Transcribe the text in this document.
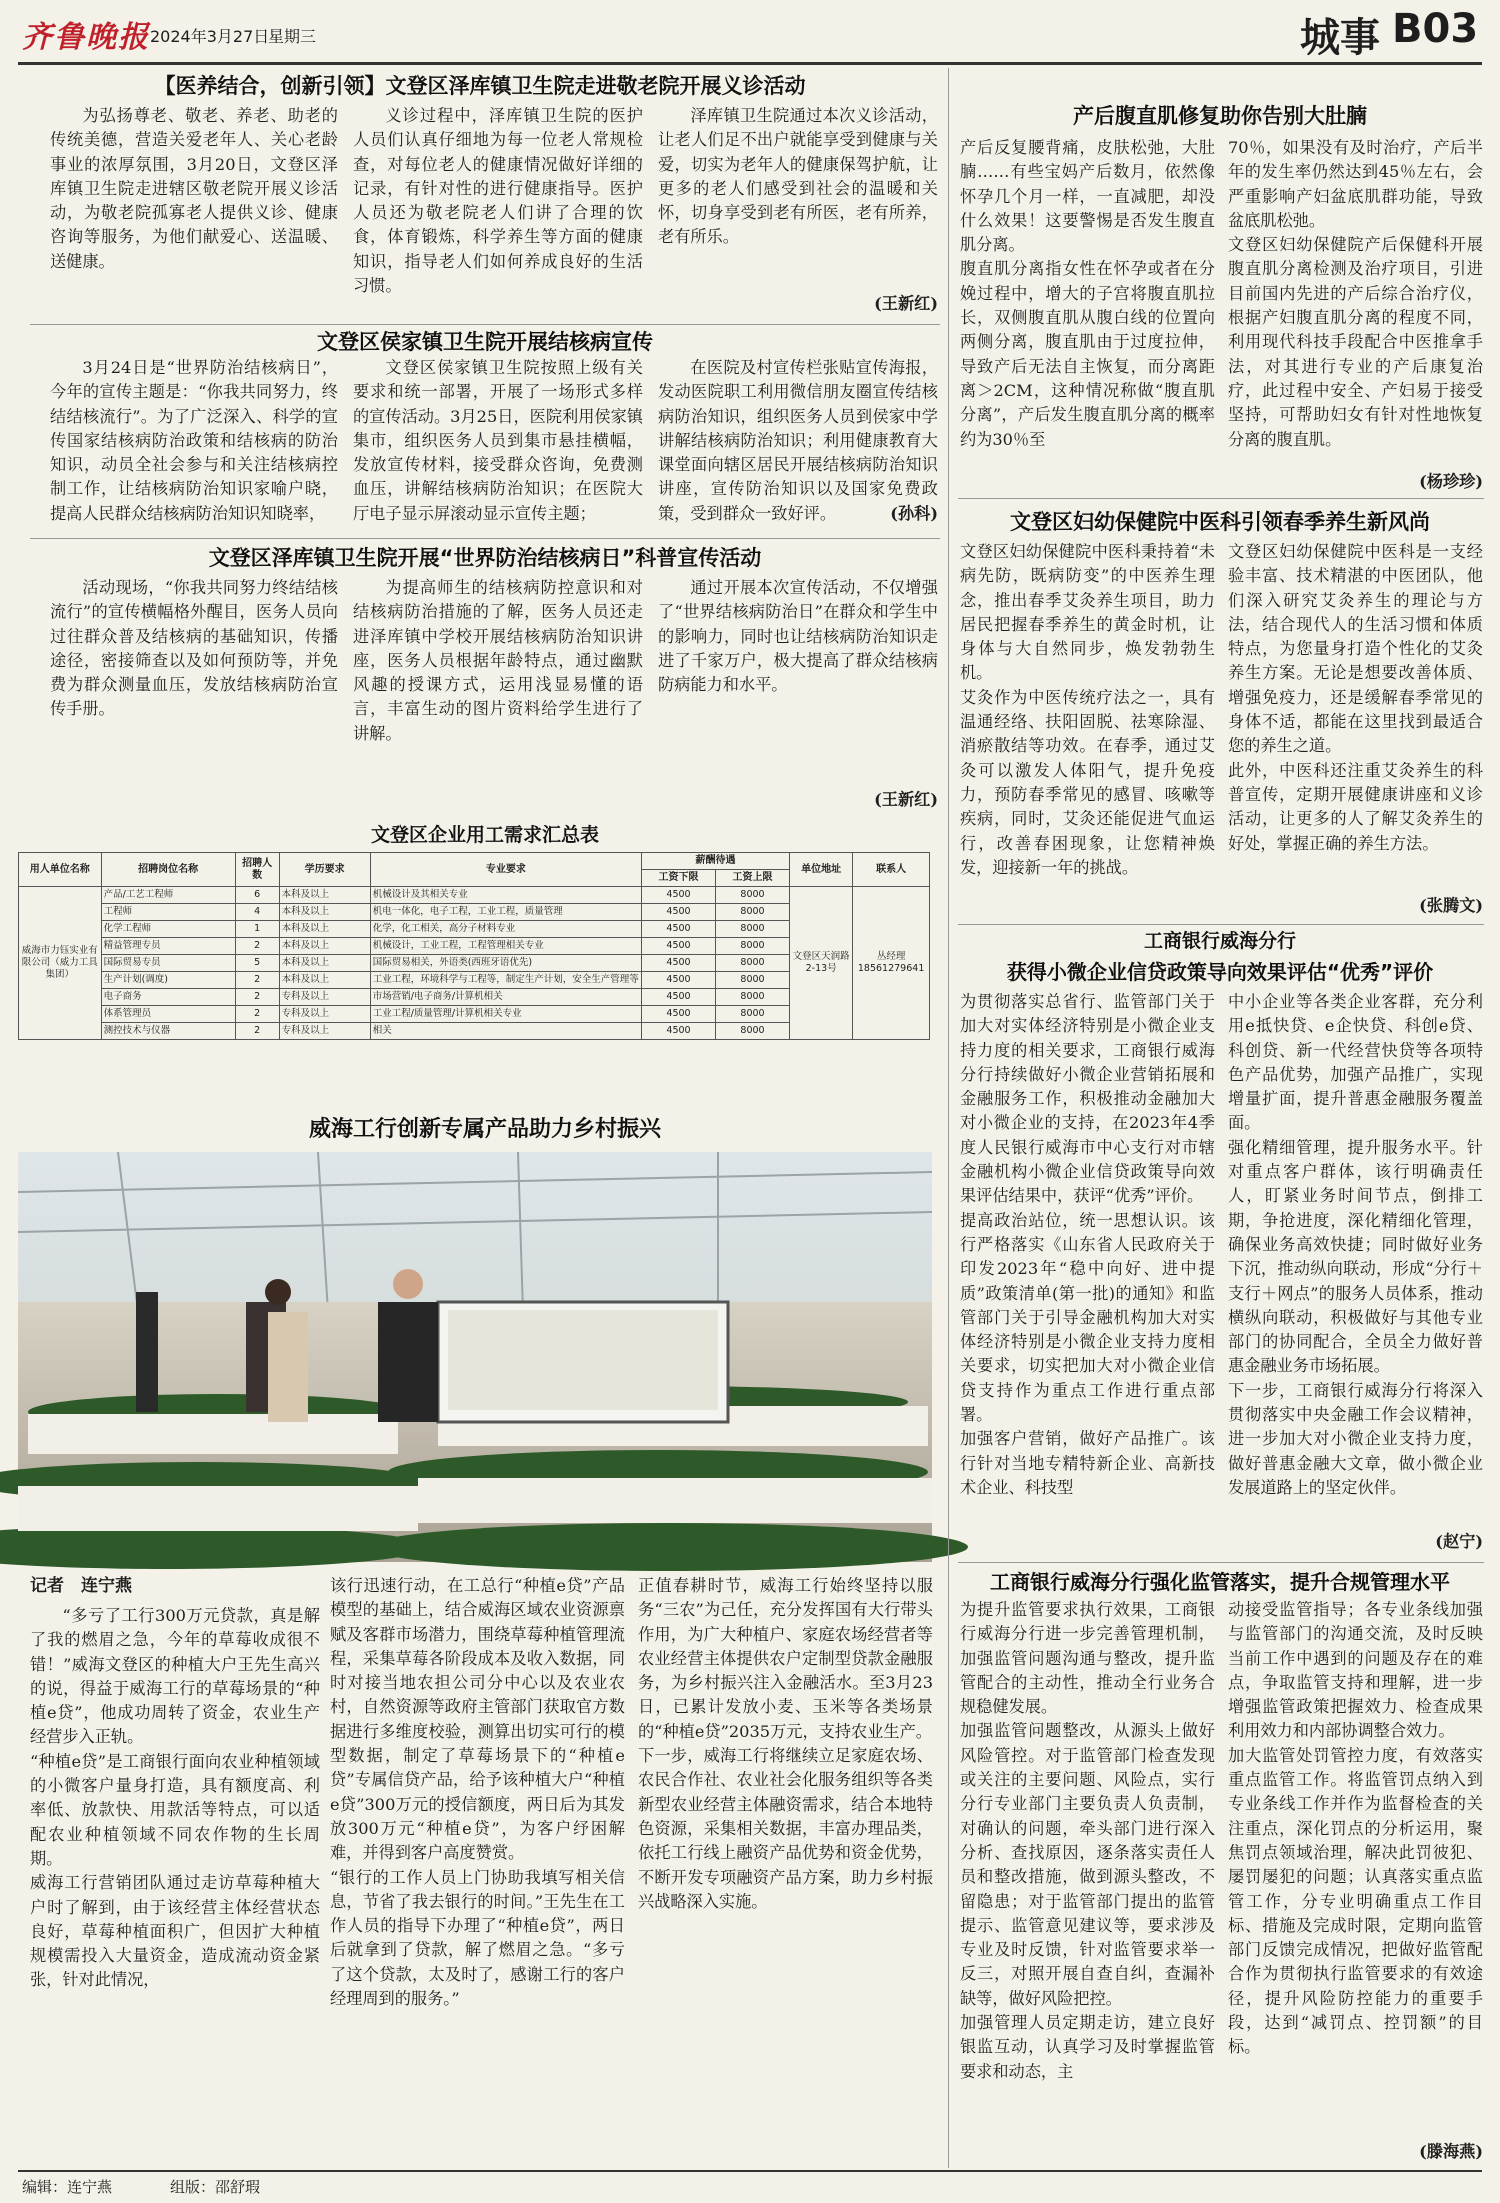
齐鲁晚报 2024年3月27日
星期三	城事 B03
【医养结合，创新引领】文登区泽库镇卫生院走进敬老院开展义诊活动

为弘扬尊老、敬老、养老、助老的传统美德，营造关爱老年人、关心老龄事业的浓厚氛围，3月20日，文登区泽库镇卫生院走进辖区敬老院开展义诊活动，为敬老院孤寡老人提供义诊、健康咨询等服务，为他们献爱心、送温暖、送健康。

义诊过程中，泽库镇卫生院的医护人员们认真仔细地为每一位老人常规检查，对每位老人的健康情况做好详细的记录，有针对性的进行健康指导。医护人员还为敬老院老人们讲了合理的饮食，体育锻炼，科学养生等方面的健康知识，指导老人们如何养成良好的生活习惯。

泽库镇卫生院通过本次义诊活动，让老人们足不出户就能享受到健康与关爱，切实为老年人的健康保驾护航，让更多的老人们感受到社会的温暖和关怀，切身享受到老有所医，老有所养，老有所乐。

(王新红)
文登区侯家镇卫生院开展结核病宣传

3月24日是“世界防治结核病日”，今年的宣传主题是：“你我共同努力，终结结核流行”。为了广泛深入、科学的宣传国家结核病防治政策和结核病的防治知识，动员全社会参与和关注结核病控制工作，让结核病防治知识家喻户晓，提高人民群众结核病防治知识知晓率，

文登区侯家镇卫生院按照上级有关要求和统一部署，开展了一场形式多样的宣传活动。3月25日，医院利用侯家镇集市，组织医务人员到集市悬挂横幅，发放宣传材料，接受群众咨询，免费测血压，讲解结核病防治知识；在医院大厅电子显示屏滚动显示宣传主题；

在医院及村宣传栏张贴宣传海报，发动医院职工利用微信朋友圈宣传结核病防治知识，组织医务人员到侯家中学讲解结核病防治知识；利用健康教育大课堂面向辖区居民开展结核病防治知识讲座，宣传防治知识以及国家免费政策，受到群众一致好评。	(孙科)
文登区泽库镇卫生院开展“世界防治结核病日”科普宣传活动

活动现场，“你我共同努力终结结核流行”的宣传横幅格外醒目，医务人员向过往群众普及结核病的基础知识，传播途径，密接筛查以及如何预防等，并免费为群众测量血压，发放结核病防治宣传手册。

为提高师生的结核病防控意识和对结核病防治措施的了解，医务人员还走进泽库镇中学校开展结核病防治知识讲座，医务人员根据年龄特点，通过幽默风趣的授课方式，运用浅显易懂的语言，丰富生动的图片资料给学生进行了讲解。

通过开展本次宣传活动，不仅增强了“世界结核病防治日”在群众和学生中的影响力，同时也让结核病防治知识走进了千家万户，极大提高了群众结核病防病能力和水平。

(王新红)
文登区企业用工需求汇总表
用人单位名称	招聘岗位名称	招聘人数	学历要求	专业要求	薪酬待遇		单位地址	联系人
					工资下限	工资上限		
威海市力钰实业有限公司（威力工具集团）	产品/工艺工程师	6	本科及以上	机械设计及其相关专业	4500	8000	文登区天润路2-13号	丛经理18561279641
	工程师	4	本科及以上	机电一体化，电子工程，工业工程，质量管理	4500	8000		
	化学工程师	1	本科及以上	化学，化工相关，高分子材料专业	4500	8000		
	精益管理专员	2	本科及以上	机械设计，工业工程，工程管理相关专业	4500	8000		
	国际贸易专员	5	本科及以上	国际贸易相关，外语类(西班牙语优先)	4500	8000		
	生产计划(调度)	2	本科及以上	工业工程，环境科学与工程等，制定生产计划，安全生产管理等	4500	8000		
	电子商务	2	专科及以上	市场营销/电子商务/计算机相关	4500	8000		
	体系管理员	2	专科及以上	工业工程/质量管理/计算机相关专业	4500	8000		
	测控技术与仪器	2	专科及以上	相关	4500	8000		
威海工行创新专属产品助力乡村振兴
记者　连宁燕
“多亏了工行300万元贷款，真是解了我的燃眉之急，今年的草莓收成很不错！”威海文登区的种植大户王先生高兴的说，得益于威海工行的草莓场景的“种植e贷”，他成功周转了资金，农业生产经营步入正轨。
“种植e贷”是工商银行面向农业种植领域的小微客户量身打造，具有额度高、利率低、放款快、用款活等特点，可以适配农业种植领域不同农作物的生长周期。
威海工行营销团队通过走访草莓种植大户时了解到，由于该经营主体经营状态良好，草莓种植面积广，但因扩大种植规模需投入大量资金，造成流动资金紧张，针对此情况，
该行迅速行动，在工总行“种植e贷”产品模型的基础上，结合威海区域农业资源禀赋及客群市场潜力，围绕草莓种植管理流程，采集草莓各阶段成本及收入数据，同时对接当地农担公司分中心以及农业农村，自然资源等政府主管部门获取官方数据进行多维度校验，测算出切实可行的模型数据，制定了草莓场景下的“种植e贷”专属信贷产品，给予该种植大户“种植e贷”300万元的授信额度，两日后为其发放300万元“种植e贷”，为客户纾困解难，并得到客户高度赞赏。
“银行的工作人员上门协助我填写相关信息，节省了我去银行的时间。”王先生在工作人员的指导下办理了“种植e贷”，两日后就拿到了贷款，解了燃眉之急。“多亏了这个贷款，太及时了，感谢工行的客户经理周到的服务。”
正值春耕时节，威海工行始终坚持以服务“三农”为己任，充分发挥国有大行带头作用，为广大种植户、家庭农场经营者等农业经营主体提供农户定制型贷款金融服务，为乡村振兴注入金融活水。至3月23日，已累计发放小麦、玉米等各类场景的“种植e贷”2035万元，支持农业生产。
下一步，威海工行将继续立足家庭农场、农民合作社、农业社会化服务组织等各类新型农业经营主体融资需求，结合本地特色资源，采集相关数据，丰富办理品类，依托工行线上融资产品优势和资金优势，不断开发专项融资产品方案，助力乡村振兴战略深入实施。
产后腹直肌修复助你告别大肚腩
产后反复腰背痛，皮肤松弛，大肚腩……有些宝妈产后数月，依然像怀孕几个月一样，一直减肥，却没什么效果！这要警惕是否发生腹直肌分离。
腹直肌分离指女性在怀孕或者在分娩过程中，增大的子宫将腹直肌拉长，双侧腹直肌从腹白线的位置向两侧分离，腹直肌由于过度拉伸，导致产后无法自主恢复，而分离距离＞2CM，这种情况称做“腹直肌分离”，产后发生腹直肌分离的概率约为30％至
70％，如果没有及时治疗，产后半年的发生率仍然达到45％左右，会严重影响产妇盆底肌群功能，导致盆底肌松弛。
文登区妇幼保健院产后保健科开展腹直肌分离检测及治疗项目，引进目前国内先进的产后综合治疗仪，根据产妇腹直肌分离的程度不同，利用现代科技手段配合中医推拿手法，对其进行专业的产后康复治疗，此过程中安全、产妇易于接受坚持，可帮助妇女有针对性地恢复分离的腹直肌。
(杨珍珍)
文登区妇幼保健院中医科引领春季养生新风尚
文登区妇幼保健院中医科秉持着“未病先防，既病防变”的中医养生理念，推出春季艾灸养生项目，助力居民把握春季养生的黄金时机，让身体与大自然同步，焕发勃勃生机。
艾灸作为中医传统疗法之一，具有温通经络、扶阳固脱、祛寒除湿、消瘀散结等功效。在春季，通过艾灸可以激发人体阳气，提升免疫力，预防春季常见的感冒、咳嗽等疾病，同时，艾灸还能促进气血运行，改善春困现象，让您精神焕发，迎接新一年的挑战。
文登区妇幼保健院中医科是一支经验丰富、技术精湛的中医团队，他们深入研究艾灸养生的理论与方法，结合现代人的生活习惯和体质特点，为您量身打造个性化的艾灸养生方案。无论是想要改善体质、增强免疫力，还是缓解春季常见的身体不适，都能在这里找到最适合您的养生之道。
此外，中医科还注重艾灸养生的科普宣传，定期开展健康讲座和义诊活动，让更多的人了解艾灸养生的好处，掌握正确的养生方法。
(张腾文)
工商银行威海分行
获得小微企业信贷政策导向效果评估“优秀”评价
为贯彻落实总省行、监管部门关于加大对实体经济特别是小微企业支持力度的相关要求，工商银行威海分行持续做好小微企业营销拓展和金融服务工作，积极推动金融加大对小微企业的支持，在2023年4季度人民银行威海市中心支行对市辖金融机构小微企业信贷政策导向效果评估结果中，获评“优秀”评价。
提高政治站位，统一思想认识。该行严格落实《山东省人民政府关于印发2023年“稳中向好、进中提质”政策清单(第一批)的通知》和监管部门关于引导金融机构加大对实体经济特别是小微企业支持力度相关要求，切实把加大对小微企业信贷支持作为重点工作进行重点部署。
加强客户营销，做好产品推广。该行针对当地专精特新企业、高新技术企业、科技型
中小企业等各类企业客群，充分利用e抵快贷、e企快贷、科创e贷、科创贷、新一代经营快贷等各项特色产品优势，加强产品推广，实现增量扩面，提升普惠金融服务覆盖面。
强化精细管理，提升服务水平。针对重点客户群体，该行明确责任人，盯紧业务时间节点，倒排工期，争抢进度，深化精细化管理，确保业务高效快捷；同时做好业务下沉，推动纵向联动，形成“分行＋支行＋网点”的服务人员体系，推动横纵向联动，积极做好与其他专业部门的协同配合，全员全力做好普惠金融业务市场拓展。
下一步，工商银行威海分行将深入贯彻落实中央金融工作会议精神，进一步加大对小微企业支持力度，做好普惠金融大文章，做小微企业发展道路上的坚定伙伴。
(赵宁)
工商银行威海分行强化监管落实，提升合规管理水平
为提升监管要求执行效果，工商银行威海分行进一步完善管理机制，加强监管问题沟通与整改，提升监管配合的主动性，推动全行业务合规稳健发展。
加强监管问题整改，从源头上做好风险管控。对于监管部门检查发现或关注的主要问题、风险点，实行分行专业部门主要负责人负责制，对确认的问题，牵头部门进行深入分析、查找原因，逐条落实责任人员和整改措施，做到源头整改，不留隐患；对于监管部门提出的监管提示、监管意见建议等，要求涉及专业及时反馈，针对监管要求举一反三，对照开展自查自纠，查漏补缺等，做好风险把控。
加强管理人员定期走访，建立良好银监互动，认真学习及时掌握监管要求和动态，主
动接受监管指导；各专业条线加强与监管部门的沟通交流，及时反映当前工作中遇到的问题及存在的难点，争取监管支持和理解，进一步增强监管政策把握效力、检查成果利用效力和内部协调整合效力。
加大监管处罚管控力度，有效落实重点监管工作。将监管罚点纳入到专业条线工作并作为监督检查的关注重点，深化罚点的分析运用，聚焦罚点领域治理，解决此罚彼犯、屡罚屡犯的问题；认真落实重点监管工作，分专业明确重点工作目标、措施及完成时限，定期向监管部门反馈完成情况，把做好监管配合作为贯彻执行监管要求的有效途径，提升风险防控能力的重要手段，达到“减罚点、控罚额”的目标。
(滕海燕)
编辑：连宁燕	组版：邵舒瑕
